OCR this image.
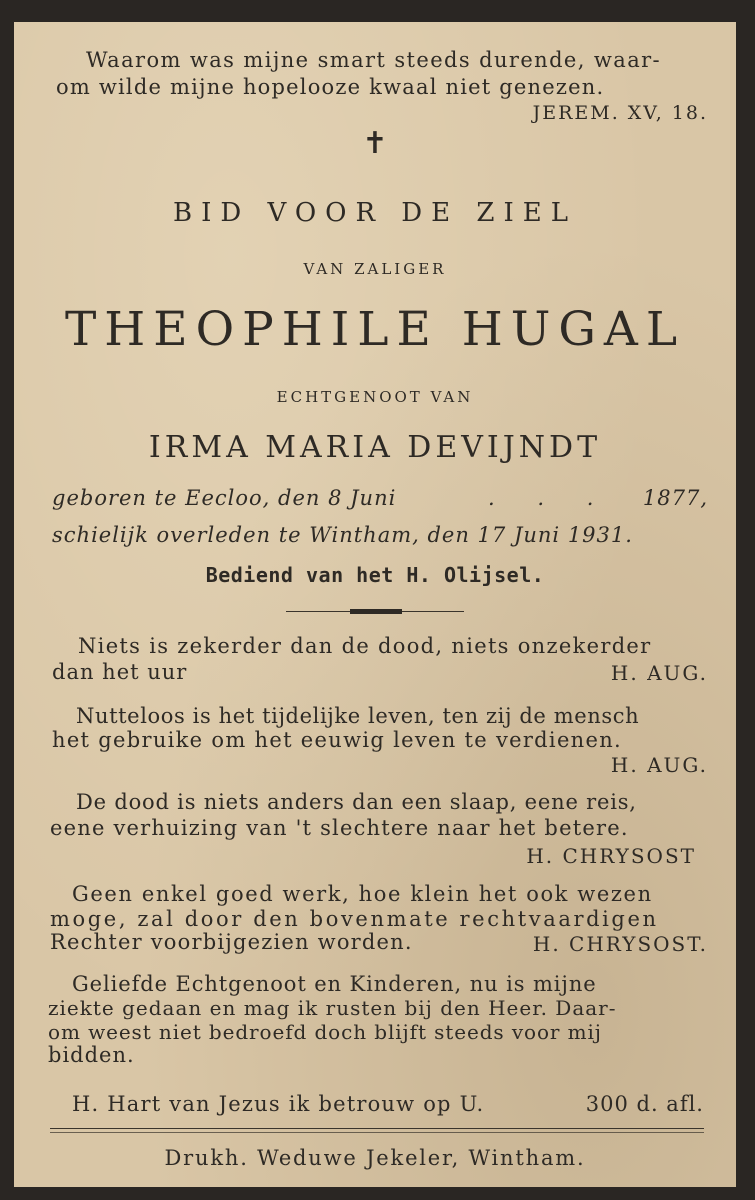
Waarom was mijne smart steeds durende, waar-
om wilde mijne hopelooze kwaal niet genezen.
JEREM. XV, 18.
✝
BID VOOR DE ZIEL
VAN ZALIGER
THEOPHILE HUGAL
ECHTGENOOT VAN
IRMA MARIA DEVIJNDT
geboren te Eecloo, den 8 Juni	. . . 1877,
schielijk overleden te Wintham, den 17 Juni 1931.
Bediend van het H. Olijsel.
Niets is zekerder dan de dood, niets onzekerder
dan het uur	H. AUG.
Nutteloos is het tijdelijke leven, ten zij de mensch
het gebruike om het eeuwig leven te verdienen.
H. AUG.
De dood is niets anders dan een slaap, eene reis,
eene verhuizing van 't slechtere naar het betere.
H. CHRYSOST
Geen enkel goed werk, hoe klein het ook wezen
moge, zal door den bovenmate rechtvaardigen
Rechter voorbijgezien worden.	H. CHRYSOST.
Geliefde Echtgenoot en Kinderen, nu is mijne
ziekte gedaan en mag ik rusten bij den Heer. Daar-
om weest niet bedroefd doch blijft steeds voor mij
bidden.
H. Hart van Jezus ik betrouw op U.	300 d. afl.
Drukh. Weduwe Jekeler, Wintham.
